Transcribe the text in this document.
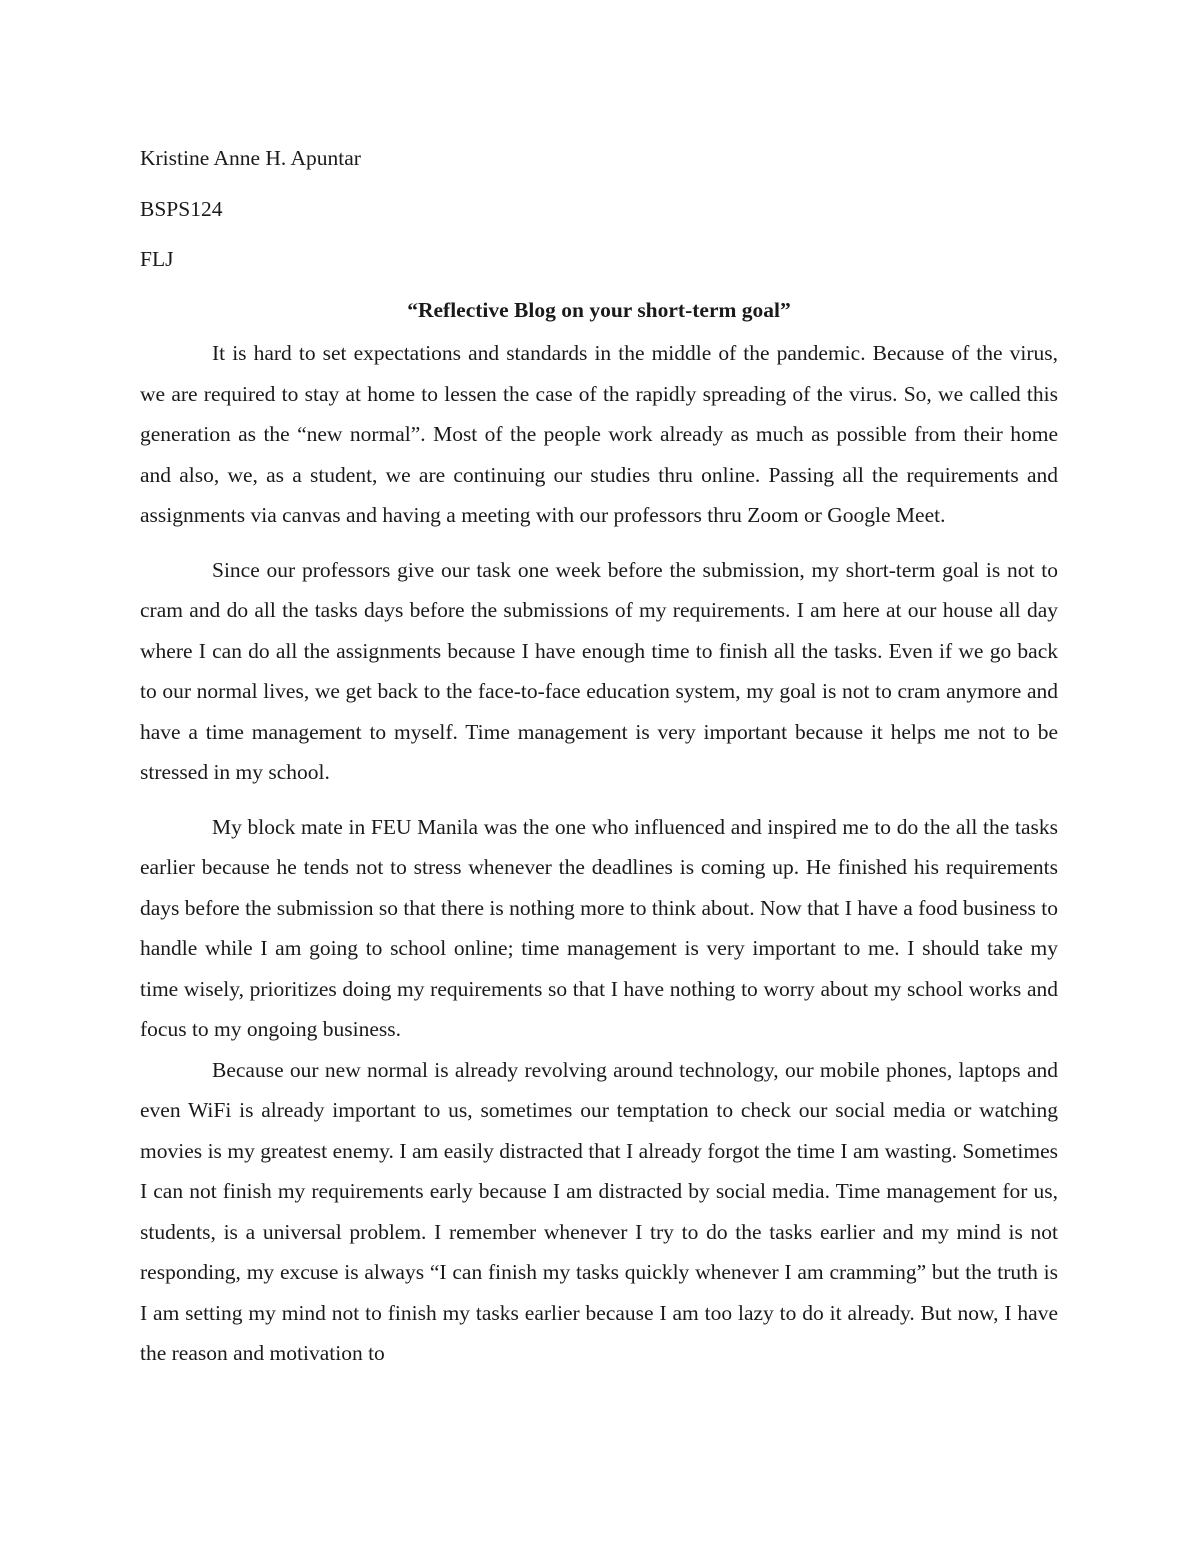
Kristine Anne H. Apuntar
BSPS124
FLJ
“Reflective Blog on your short-term goal”

It is hard to set expectations and standards in the middle of the pandemic. Because of the virus, we are required to stay at home to lessen the case of the rapidly spreading of the virus. So, we called this generation as the “new normal”. Most of the people work already as much as possible from their home and also, we, as a student, we are continuing our studies thru online. Passing all the requirements and assignments via canvas and having a meeting with our professors thru Zoom or Google Meet.

Since our professors give our task one week before the submission, my short-term goal is not to cram and do all the tasks days before the submissions of my requirements. I am here at our house all day where I can do all the assignments because I have enough time to finish all the tasks. Even if we go back to our normal lives, we get back to the face-to-face education system, my goal is not to cram anymore and have a time management to myself. Time management is very important because it helps me not to be stressed in my school.

My block mate in FEU Manila was the one who influenced and inspired me to do the all the tasks earlier because he tends not to stress whenever the deadlines is coming up. He finished his requirements days before the submission so that there is nothing more to think about. Now that I have a food business to handle while I am going to school online; time management is very important to me. I should take my time wisely, prioritizes doing my requirements so that I have nothing to worry about my school works and focus to my ongoing business.

Because our new normal is already revolving around technology, our mobile phones, laptops and even WiFi is already important to us, sometimes our temptation to check our social media or watching movies is my greatest enemy. I am easily distracted that I already forgot the time I am wasting. Sometimes I can not finish my requirements early because I am distracted by social media. Time management for us, students, is a universal problem. I remember whenever I try to do the tasks earlier and my mind is not responding, my excuse is always “I can finish my tasks quickly whenever I am cramming” but the truth is I am setting my mind not to finish my tasks earlier because I am too lazy to do it already. But now, I have the reason and motivation to
